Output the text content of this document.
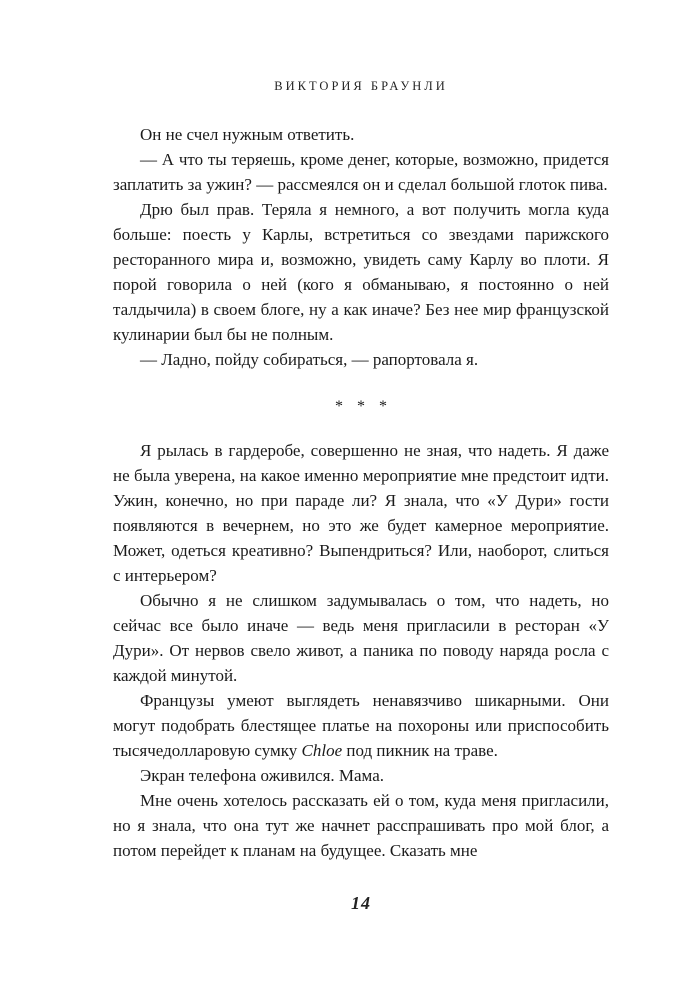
ВИКТОРИЯ БРАУНЛИ

Он не счел нужным ответить.

— А что ты теряешь, кроме денег, которые, возможно, придется заплатить за ужин? — рассмеялся он и сделал большой глоток пива.

Дрю был прав. Теряла я немного, а вот получить могла куда больше: поесть у Карлы, встретиться со звездами парижского ресторанного мира и, возможно, увидеть саму Карлу во плоти. Я порой говорила о ней (кого я обманываю, я постоянно о ней талдычила) в своем блоге, ну а как иначе? Без нее мир французской кулинарии был бы не полным.

— Ладно, пойду собираться, — рапортовала я.

* * *

Я рылась в гардеробе, совершенно не зная, что надеть. Я даже не была уверена, на какое именно мероприятие мне предстоит идти. Ужин, конечно, но при параде ли? Я знала, что «У Дури» гости появляются в вечернем, но это же будет камерное мероприятие. Может, одеться креативно? Выпендриться? Или, наоборот, слиться с интерьером?

Обычно я не слишком задумывалась о том, что надеть, но сейчас все было иначе — ведь меня пригласили в ресторан «У Дури». От нервов свело живот, а паника по поводу наряда росла с каждой минутой.

Французы умеют выглядеть ненавязчиво шикарными. Они могут подобрать блестящее платье на похороны или приспособить тысячедолларовую сумку Chloe под пикник на траве.

Экран телефона оживился. Мама.

Мне очень хотелось рассказать ей о том, куда меня пригласили, но я знала, что она тут же начнет расспрашивать про мой блог, а потом перейдет к планам на будущее. Сказать мне

14
